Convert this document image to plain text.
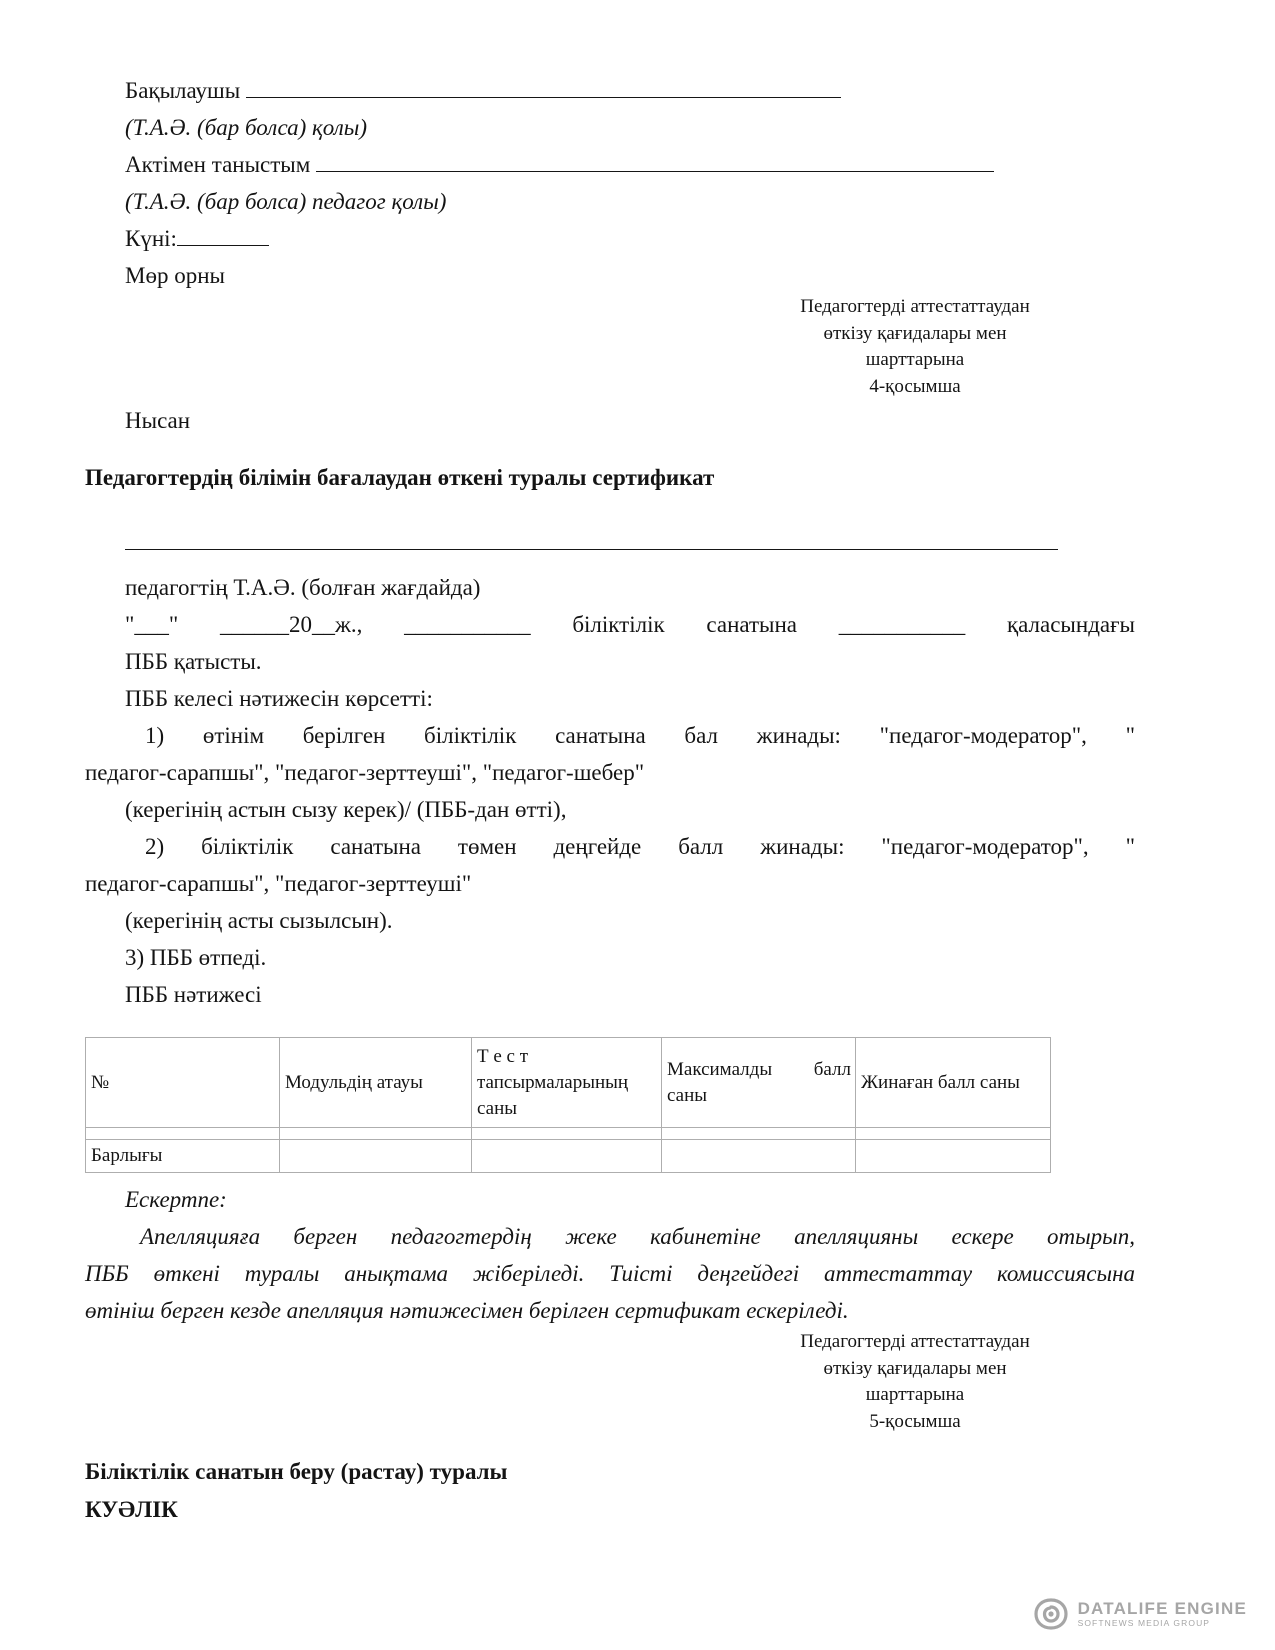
Бақылаушы
(Т.А.Ә. (бар болса) қолы)
Актімен таныстым
(Т.А.Ә. (бар болса) педагог қолы)
Күні:
Мөр орны
Педагогтерді аттестаттаудан
өткізу қағидалары мен
шарттарына
4-қосымша
Нысан
Педагогтердің білімін бағалаудан өткені туралы сертификат
педагогтің Т.А.Ә. (болған жағдайда)
"___" ______20__ж., ___________ біліктілік санатына ___________ қаласындағы
ПББ қатысты.
ПББ келесі нәтижесін көрсетті:
1) өтінім берілген біліктілік санатына бал жинады: "педагог-модератор", "
педагог-сарапшы", "педагог-зерттеуші", "педагог-шебер"
(керегінің астын сызу керек)/ (ПББ-дан өтті),
2) біліктілік санатына төмен деңгейде балл жинады: "педагог-модератор", "
педагог-сарапшы", "педагог-зерттеуші"
(керегінің асты сызылсын).
3) ПББ өтпеді.
ПББ нәтижесі
№	Модульдің атауы	Т е с т тапсырмаларының саны	Максималды балл саны	Жинаған балл саны

Барлығы				
Ескертпе:
Апелляцияға берген педагогтердің жеке кабинетіне апелляцияны ескере отырып,
ПББ өткені туралы анықтама жіберіледі. Тиісті деңгейдегі аттестаттау комиссиясына
өтініш берген кезде апелляция нәтижесімен берілген сертификат ескеріледі.
Педагогтерді аттестаттаудан
өткізу қағидалары мен
шарттарына
5-қосымша
Біліктілік санатын беру (растау) туралы
КУӘЛІК
DATALIFE ENGINE
SOFTNEWS MEDIA GROUP
